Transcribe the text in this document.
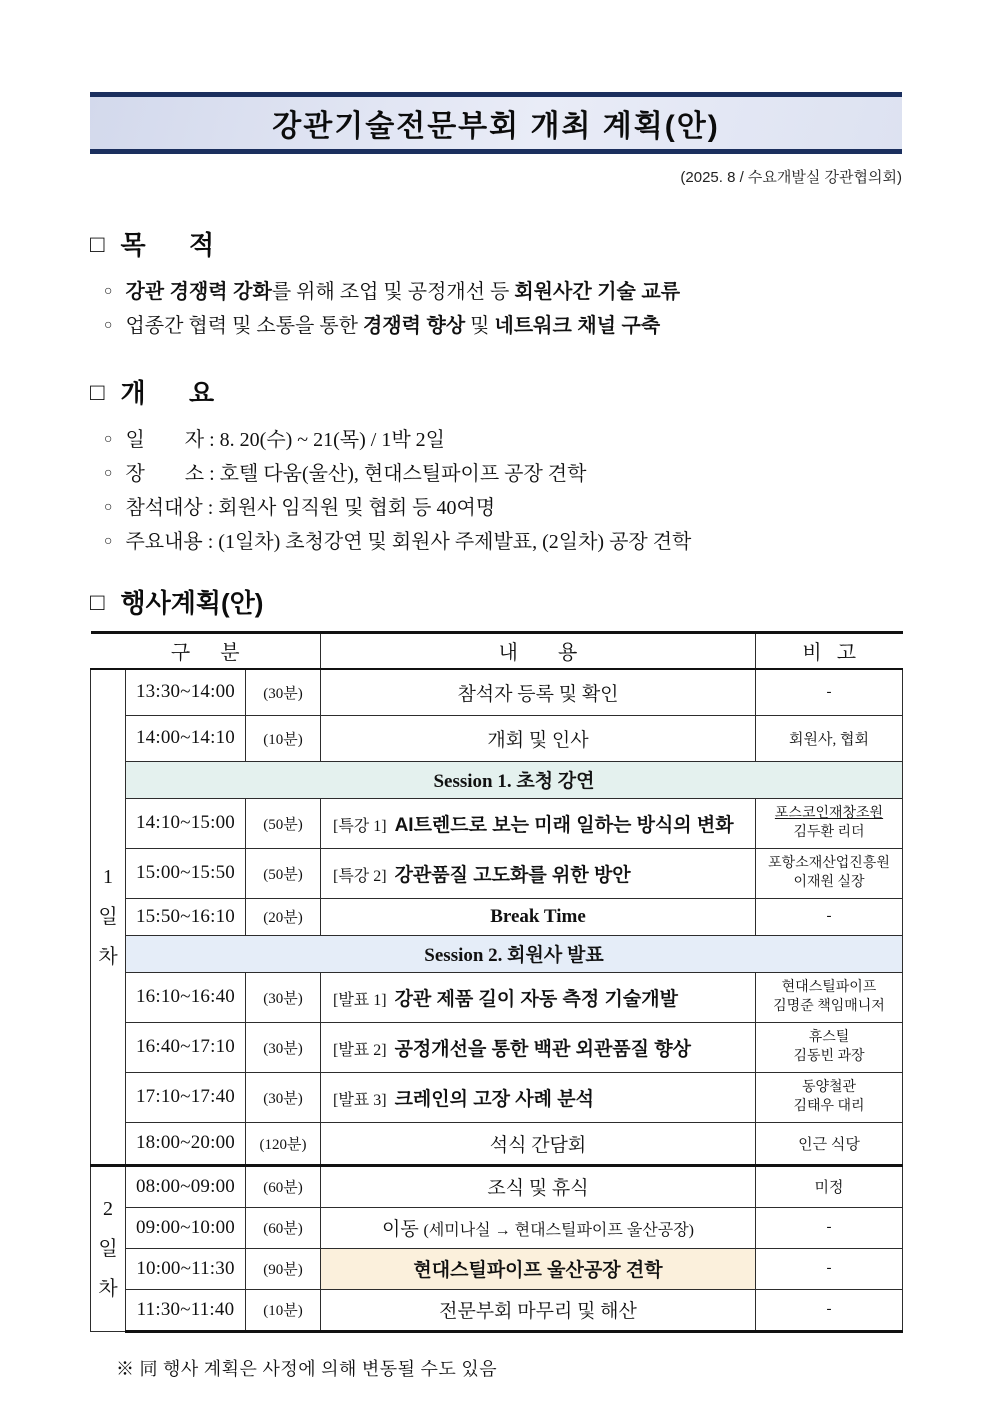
강관기술전문부회 개최 계획(안)
(2025. 8 / 수요개발실 강관협의회)
□ 목      적
○ 강관 경쟁력 강화를 위해 조업 및 공정개선 등 회원사간 기술 교류
○ 업종간 협력 및 소통을 통한 경쟁력 향상 및 네트워크 채널 구축
□ 개      요
○ 일        자 : 8. 20(수) ~ 21(목) / 1박 2일
○ 장        소 : 호텔 다움(울산), 현대스틸파이프 공장 견학
○ 참석대상 : 회원사 임직원 및 협회 등 40여명
○ 주요내용 : (1일차) 초청강연 및 회원사 주제발표, (2일차) 공장 견학
□ 행사계획(안)
구      분			내        용	비   고

1
일
차	13:30~14:00	(30분)	참석자 등록 및 확인	-
	14:00~14:10	(10분)	개회 및 인사	회원사, 협회
	Session 1. 초청 강연			
	14:10~15:00	(50분)	[특강 1] AI트렌드로 보는 미래 일하는 방식의 변화	포스코인재창조원
김두환 리더

	15:00~15:50	(50분)	[특강 2] 강관품질 고도화를 위한 방안	포항소재산업진흥원
이재원 실장

	15:50~16:10	(20분)	Break Time	-
	Session 2. 회원사 발표			
	16:10~16:40	(30분)	[발표 1] 강관 제품 길이 자동 측정 기술개발	현대스틸파이프
김명준 책임매니저

	16:40~17:10	(30분)	[발표 2] 공정개선을 통한 백관 외관품질 향상	휴스틸
김동빈 과장

	17:10~17:40	(30분)	[발표 3] 크레인의 고장 사례 분석	동양철관
김태우 대리

	18:00~20:00	(120분)	석식 간담회	인근 식당

2
일
차	08:00~09:00	(60분)	조식 및 휴식	미정
	09:00~10:00	(60분)	이동 (세미나실 → 현대스틸파이프 울산공장)	-
	10:00~11:30	(90분)	현대스틸파이프 울산공장 견학	-
	11:30~11:40	(10분)	전문부회 마무리 및 해산	-
※ 同 행사 계획은 사정에 의해 변동될 수도 있음
